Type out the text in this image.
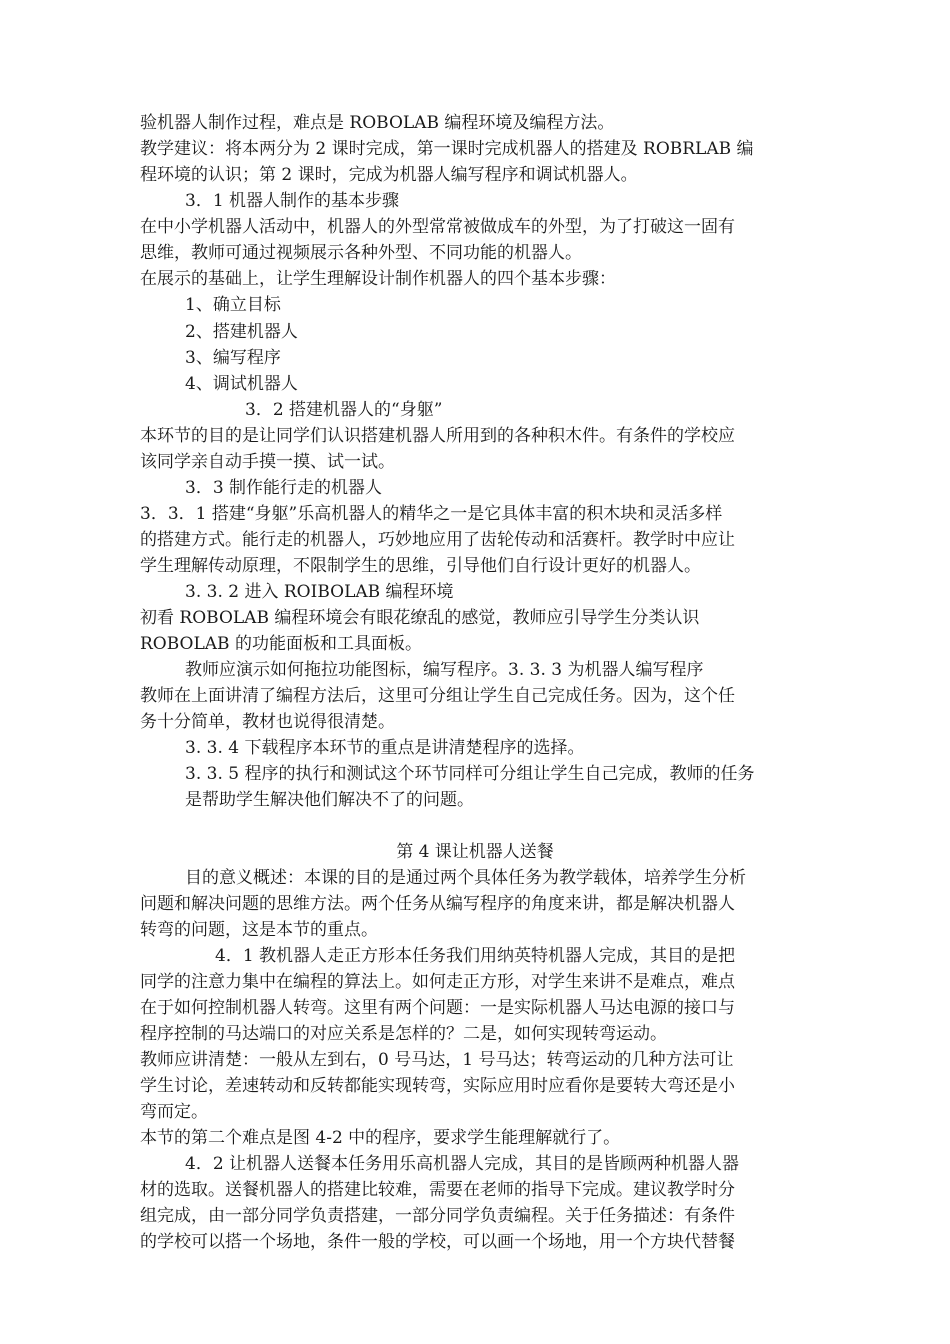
验机器人制作过程，难点是 ROBOLAB 编程环境及编程方法。
教学建议：将本两分为 2 课时完成，第一课时完成机器人的搭建及 ROBRLAB 编
程环境的认识；第 2 课时，完成为机器人编写程序和调试机器人。
3．1 机器人制作的基本步骤
在中小学机器人活动中，机器人的外型常常被做成车的外型，为了打破这一固有
思维，教师可通过视频展示各种外型、不同功能的机器人。
在展示的基础上，让学生理解设计制作机器人的四个基本步骤：
1、确立目标
2、搭建机器人
3、编写程序
4、调试机器人
3．2 搭建机器人的“身躯”
本环节的目的是让同学们认识搭建机器人所用到的各种积木件。有条件的学校应
该同学亲自动手摸一摸、试一试。
3．3 制作能行走的机器人
3．3．1 搭建“身躯”乐高机器人的精华之一是它具体丰富的积木块和灵活多样
的搭建方式。能行走的机器人，巧妙地应用了齿轮传动和活赛杆。教学时中应让
学生理解传动原理，不限制学生的思维，引导他们自行设计更好的机器人。
3. 3. 2 进入 ROIBOLAB 编程环境
初看 ROBOLAB 编程环境会有眼花缭乱的感觉，教师应引导学生分类认识
ROBOLAB 的功能面板和工具面板。
教师应演示如何拖拉功能图标，编写程序。3. 3. 3 为机器人编写程序
教师在上面讲清了编程方法后，这里可分组让学生自己完成任务。因为，这个任
务十分简单，教材也说得很清楚。
3. 3. 4 下载程序本环节的重点是讲清楚程序的选择。
3. 3. 5 程序的执行和测试这个环节同样可分组让学生自己完成，教师的任务
是帮助学生解决他们解决不了的问题。
第 4 课让机器人送餐
目的意义概述：本课的目的是通过两个具体任务为教学载体，培养学生分析
问题和解决问题的思维方法。两个任务从编写程序的角度来讲，都是解决机器人
转弯的问题，这是本节的重点。
4．1 教机器人走正方形本任务我们用纳英特机器人完成，其目的是把
同学的注意力集中在编程的算法上。如何走正方形，对学生来讲不是难点，难点
在于如何控制机器人转弯。这里有两个问题：一是实际机器人马达电源的接口与
程序控制的马达端口的对应关系是怎样的？二是，如何实现转弯运动。
教师应讲清楚：一般从左到右，0 号马达，1 号马达；转弯运动的几种方法可让
学生讨论，差速转动和反转都能实现转弯，实际应用时应看你是要转大弯还是小
弯而定。
本节的第二个难点是图 4-2 中的程序，要求学生能理解就行了。
4．2 让机器人送餐本任务用乐高机器人完成，其目的是皆顾两种机器人器
材的选取。送餐机器人的搭建比较难，需要在老师的指导下完成。建议教学时分
组完成，由一部分同学负责搭建，一部分同学负责编程。关于任务描述：有条件
的学校可以搭一个场地，条件一般的学校，可以画一个场地，用一个方块代替餐
